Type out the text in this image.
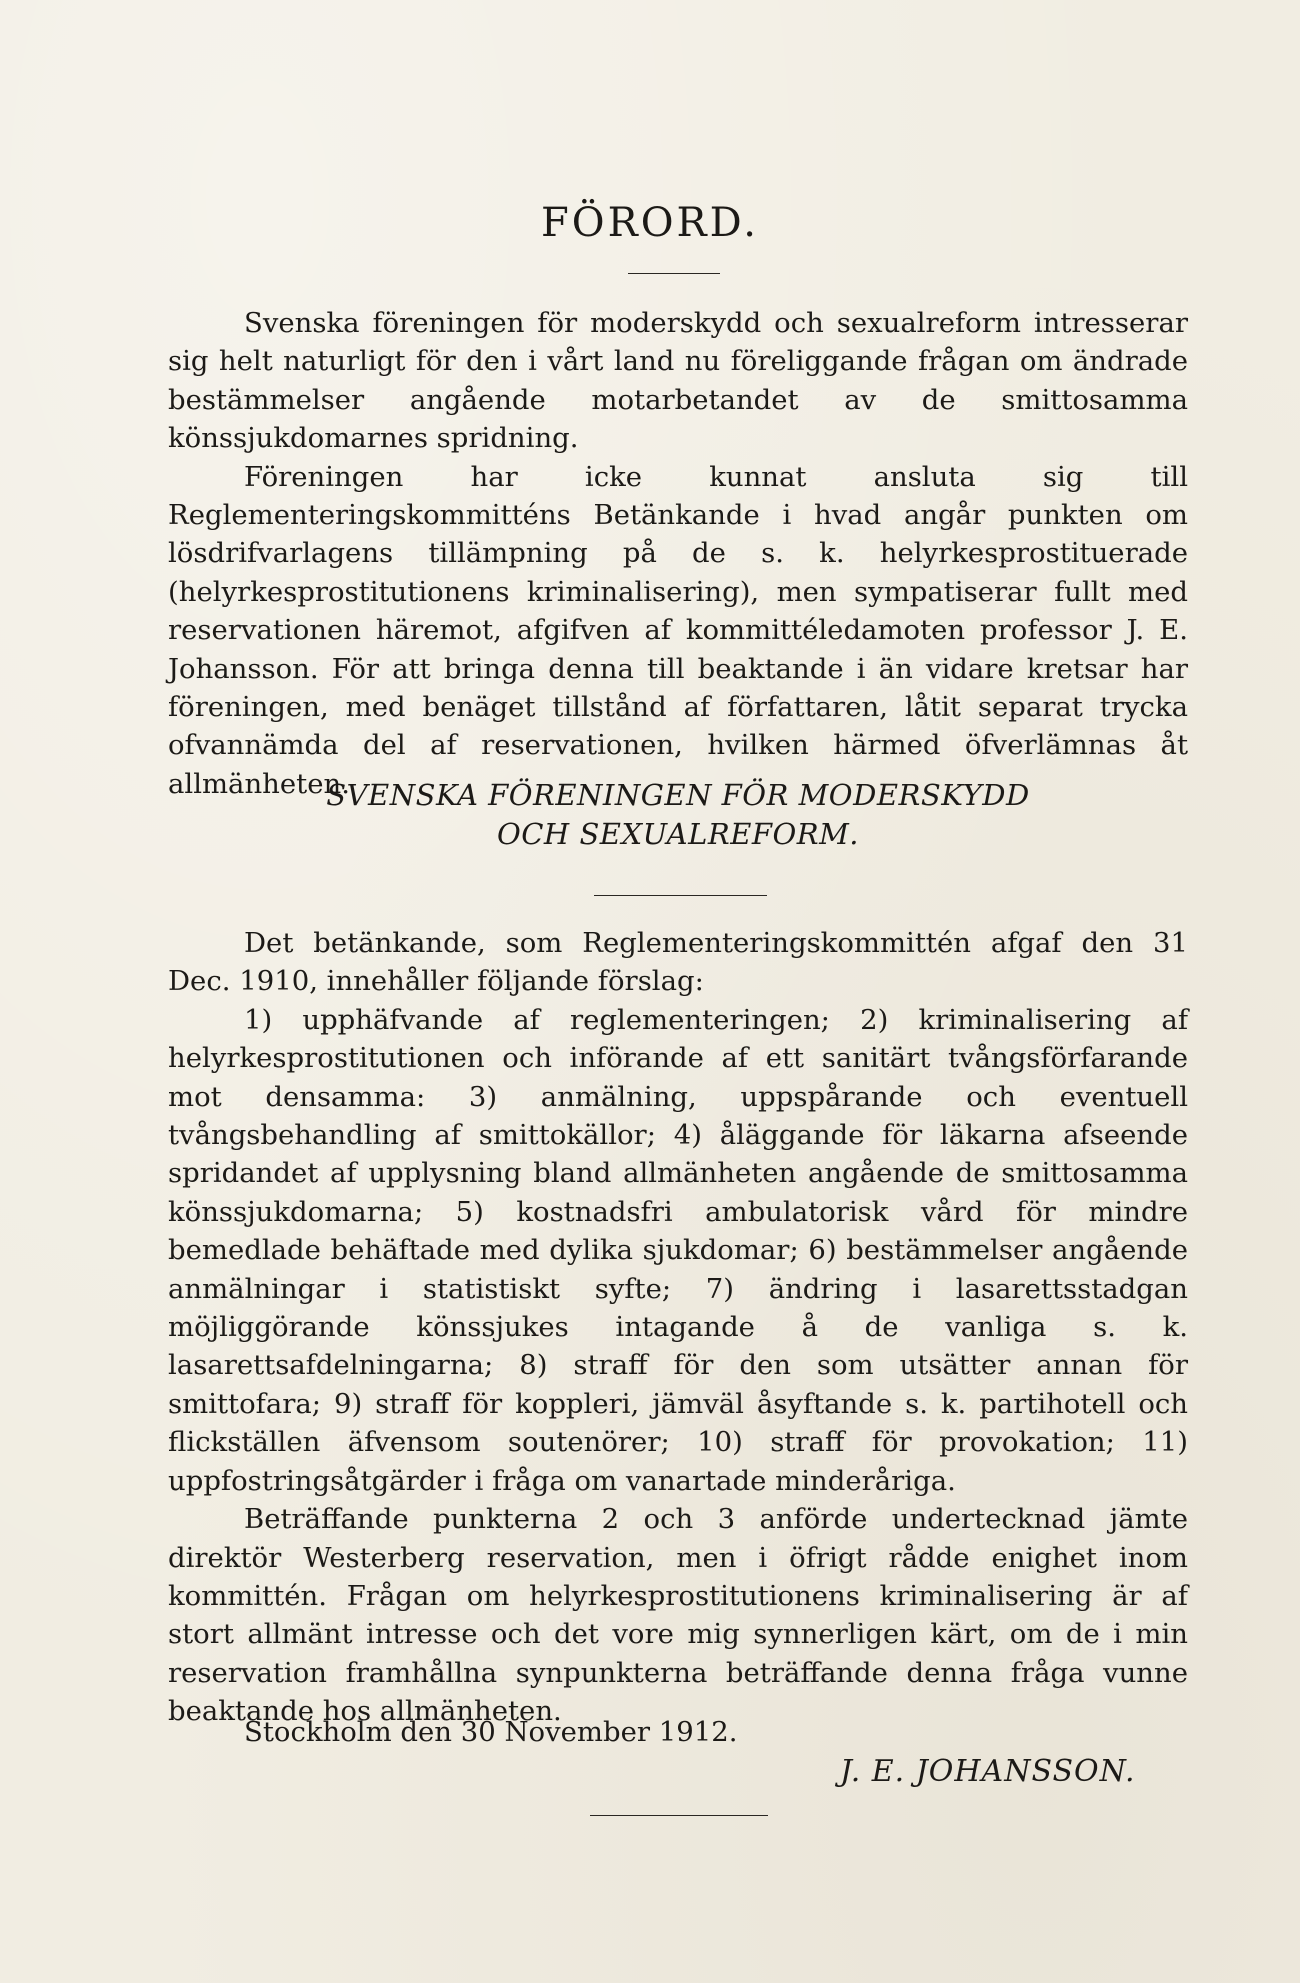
FÖRORD.

Svenska föreningen för moderskydd och sexualreform intresserar sig helt naturligt för den i vårt land nu föreliggande frågan om ändrade bestämmelser angående motarbetandet av de smittosamma könssjukdomarnes spridning.

Föreningen har icke kunnat ansluta sig till Reglementeringskommitténs Betänkande i hvad angår punkten om lösdrifvarlagens tillämpning på de s. k. helyrkesprostituerade (helyrkesprostitutionens kriminalisering), men sympatiserar fullt med reservationen häremot, afgifven af kommittéledamoten professor J. E. Johansson. För att bringa denna till beaktande i än vidare kretsar har föreningen, med benäget tillstånd af författaren, låtit separat trycka ofvannämda del af reservationen, hvilken härmed öfverlämnas åt allmänheten.

SVENSKA FÖRENINGEN FÖR MODERSKYDD
OCH SEXUALREFORM.

Det betänkande, som Reglementeringskommittén afgaf den 31 Dec. 1910, innehåller följande förslag:

1) upphäfvande af reglementeringen; 2) kriminalisering af helyrkesprostitutionen och införande af ett sanitärt tvångsförfarande mot densamma: 3) anmälning, uppspårande och eventuell tvångsbehandling af smittokällor; 4) åläggande för läkarna afseende spridandet af upplysning bland allmänheten angående de smittosamma könssjukdomarna; 5) kostnadsfri ambulatorisk vård för mindre bemedlade behäftade med dylika sjukdomar; 6) bestämmelser angående anmälningar i statistiskt syfte; 7) ändring i lasarettsstadgan möjliggörande könssjukes intagande å de vanliga s. k. lasarettsafdelningarna; 8) straff för den som utsätter annan för smittofara; 9) straff för koppleri, jämväl åsyftande s. k. partihotell och flickställen äfvensom soutenörer; 10) straff för provokation; 11) uppfostringsåtgärder i fråga om vanartade minderåriga.

Beträffande punkterna 2 och 3 anförde undertecknad jämte direktör Westerberg reservation, men i öfrigt rådde enighet inom kommittén. Frågan om helyrkesprostitutionens kriminalisering är af stort allmänt intresse och det vore mig synnerligen kärt, om de i min reservation framhållna synpunkterna beträffande denna fråga vunne beaktande hos allmänheten.

Stockholm den 30 November 1912.

J. E. JOHANSSON.
